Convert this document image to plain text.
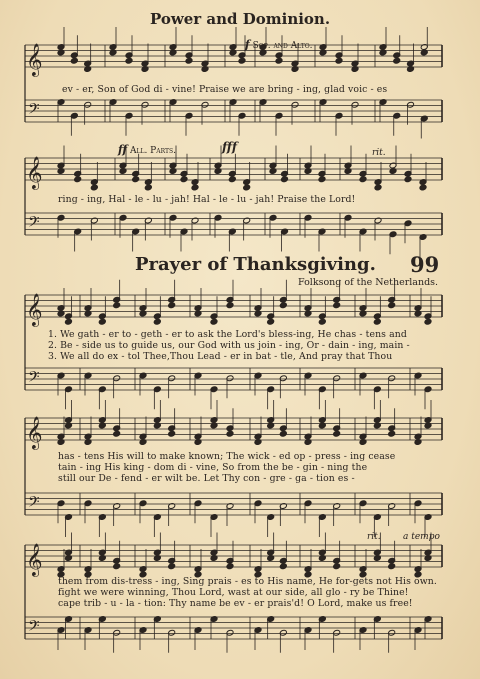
𝄞
𝄢
𝄞
𝄢
𝄞
𝄢
𝄞
𝄢
𝄞
𝄢
Power and Dominion.
f Sop. and Alto.
ev - er, Son of God di - vine! Praise we are bring - ing, glad voic - es
ff All. Parts.	fff	rit.
ring - ing, Hal - le - lu - jah! Hal - le - lu - jah! Praise the Lord!
Prayer of Thanksgiving. 99
Folksong of the Netherlands.
1. We gath - er to - geth - er to ask the Lord's bless-ing, He chas - tens and
2. Be - side us to guide us, our God with us join - ing, Or - dain - ing, main -
3. We all do ex - tol Thee,Thou Lead - er in bat - tle, And pray that Thou
has - tens His will to make known; The wick - ed op - press - ing cease
tain - ing His king - dom di - vine, So from the be - gin - ning the
still our De - fend - er wilt be. Let Thy con - gre - ga - tion es -
rit. a tempo
them from dis-tress - ing, Sing prais - es to His name, He for-gets not His own.
fight we were winning, Thou Lord, wast at our side, all glo - ry be Thine!
cape trib - u - la - tion: Thy name be ev - er prais'd! O Lord, make us free!
